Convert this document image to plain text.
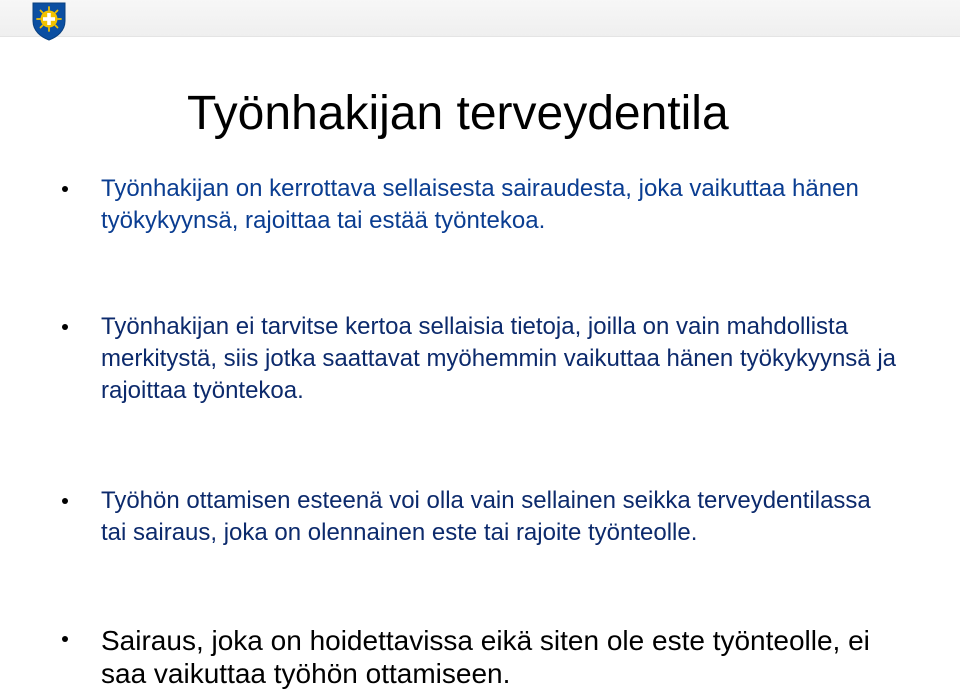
Työnhakijan terveydentila
Työnhakijan on kerrottava sellaisesta sairaudesta, joka vaikuttaa hänen työkykyynsä, rajoittaa tai estää työntekoa.
Työnhakijan ei tarvitse kertoa sellaisia tietoja, joilla on vain mahdollista merkitystä, siis jotka saattavat myöhemmin vaikuttaa hänen työkykyynsä ja rajoittaa työntekoa.
Työhön ottamisen esteenä voi olla vain sellainen seikka terveydentilassa tai sairaus, joka on olennainen este tai rajoite työnteolle.
Sairaus, joka on hoidettavissa eikä siten ole este työnteolle, ei saa vaikuttaa työhön ottamiseen.
